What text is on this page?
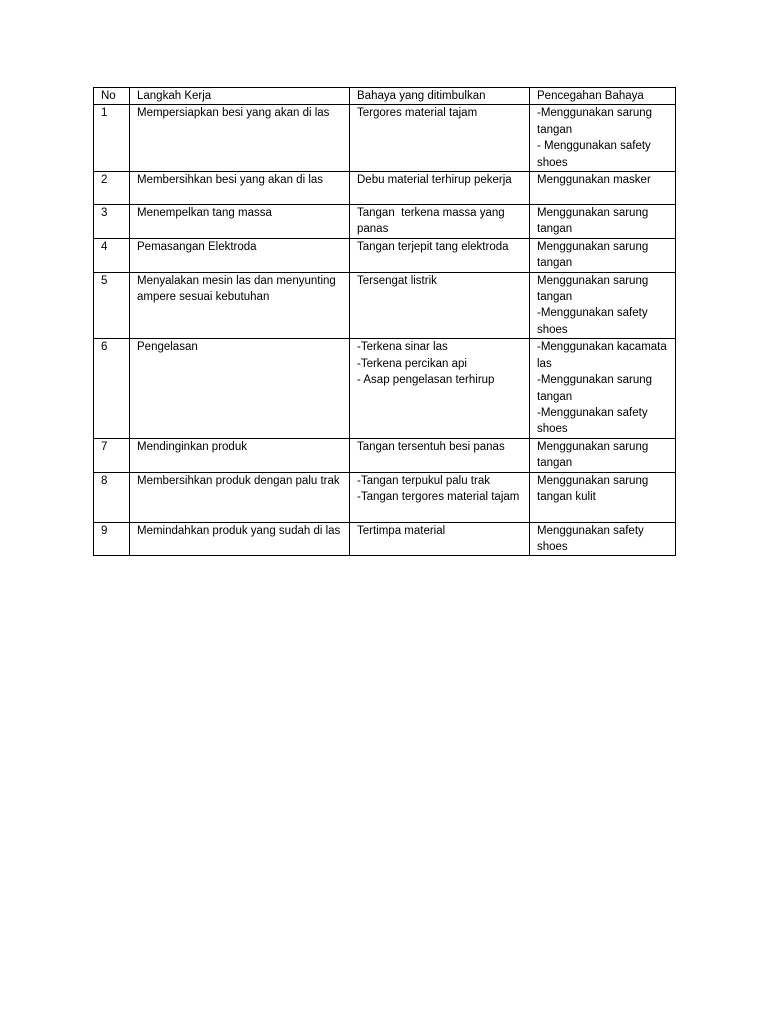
No	Langkah Kerja	Bahaya yang ditimbulkan	Pencegahan Bahaya
1	Mempersiapkan besi yang akan di las	Tergores material tajam	-Menggunakan sarung tangan
- Menggunakan safety shoes

2	Membersihkan besi yang akan di las	Debu material terhirup pekerja	Menggunakan masker

3	Menempelkan tang massa	Tangan  terkena massa yang panas	Menggunakan sarung tangan

4	Pemasangan Elektroda	Tangan terjepit tang elektroda	Menggunakan sarung tangan

5	Menyalakan mesin las dan menyunting ampere sesuai kebutuhan	Tersengat listrik	Menggunakan sarung tangan
-Menggunakan safety shoes

6	Pengelasan	-Terkena sinar las
-Terkena percikan api
- Asap pengelasan terhirup	-Menggunakan kacamata las
-Menggunakan sarung tangan
-Menggunakan safety shoes

7	Mendinginkan produk	Tangan tersentuh besi panas	Menggunakan sarung tangan

8	Membersihkan produk dengan palu trak	-Tangan terpukul palu trak
-Tangan tergores material tajam	Menggunakan sarung tangan kulit

9	Memindahkan produk yang sudah di las	Tertimpa material	Menggunakan safety shoes
